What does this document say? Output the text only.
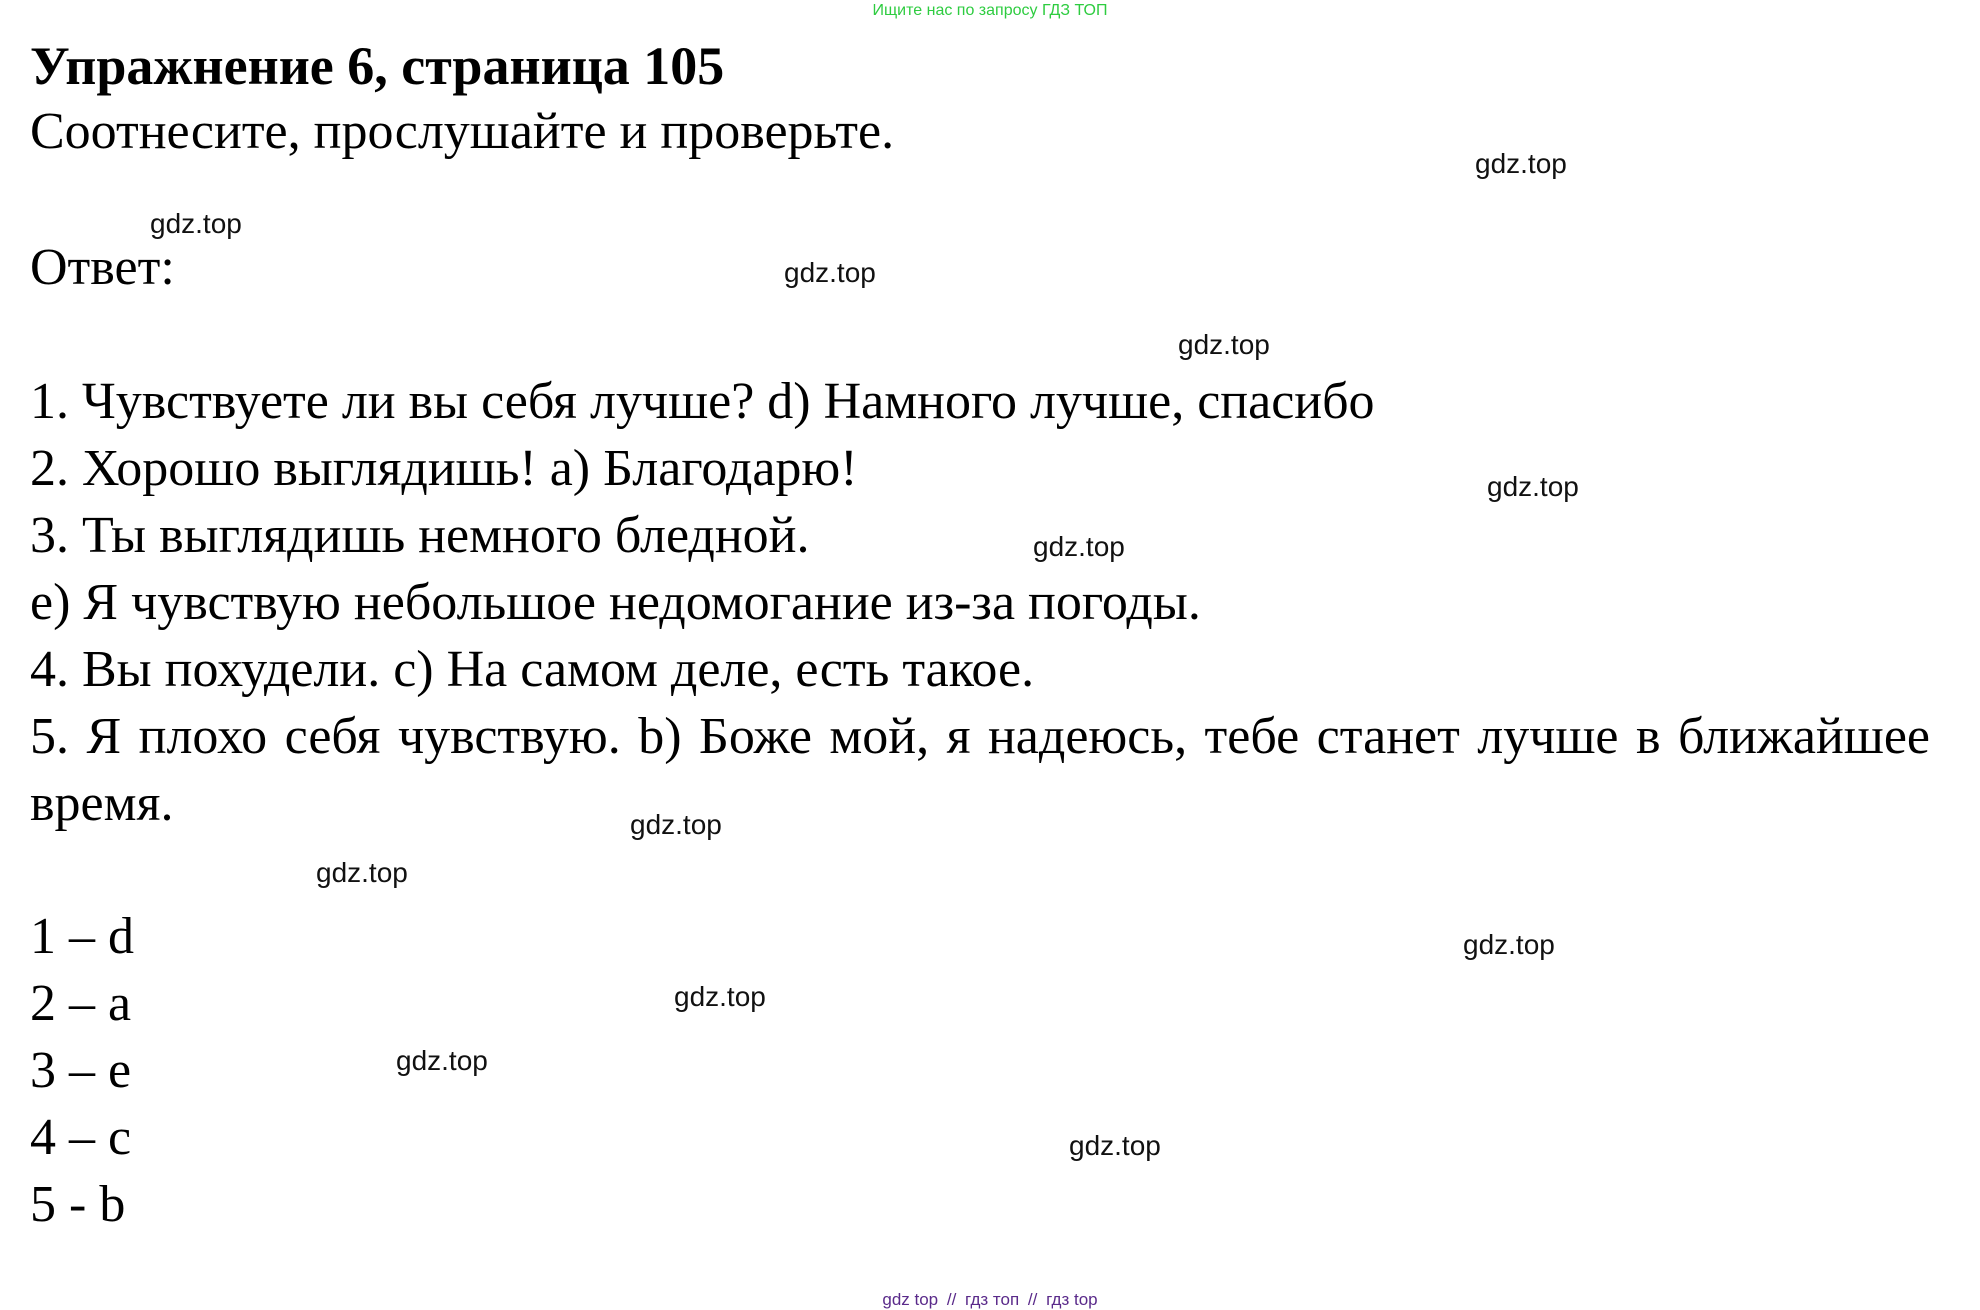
Ищите нас по запросу ГДЗ ТОП
Упражнение 6, страница 105

Соотнесите, прослушайте и проверьте.

Ответ:

1. Чувствуете ли вы себя лучше? d) Намного лучше, спасибо
2. Хорошо выглядишь! a) Благодарю!
3. Ты выглядишь немного бледной.
e) Я чувствую небольшое недомогание из-за погоды.
4. Вы похудели. c) На самом деле, есть такое.
5. Я плохо себя чувствую. b) Боже мой, я надеюсь, тебе станет лучше в ближайшее время.
1 – d
2 – a
3 – e
4 – c
5 - b
gdz.top
gdz.top
gdz.top
gdz.top
gdz.top
gdz.top
gdz.top
gdz.top
gdz.top
gdz.top
gdz.top
gdz.top
gdz top // гдз топ // гдз top
